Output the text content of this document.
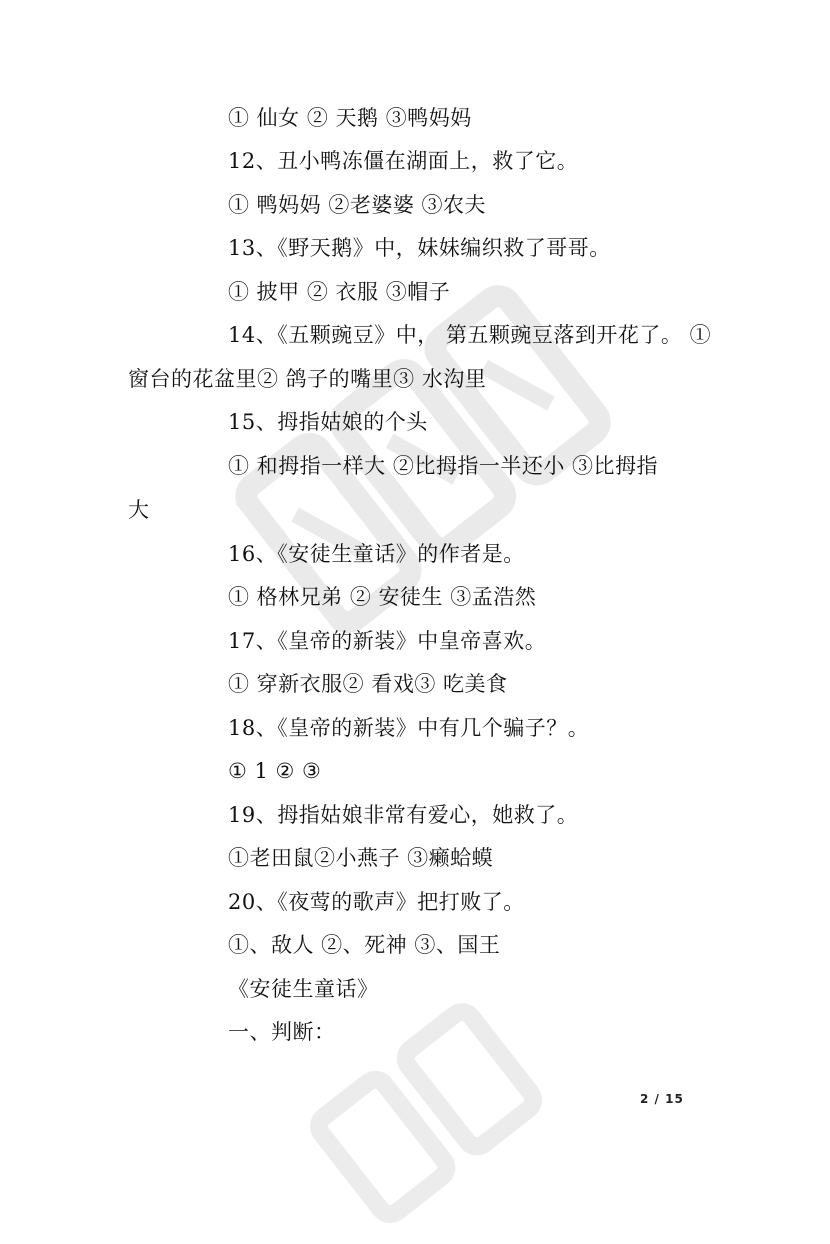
① 仙女 ② 天鹅 ③鸭妈妈
12、丑小鸭冻僵在湖面上，救了它。
① 鸭妈妈 ②老婆婆 ③农夫
13、《野天鹅》中，妹妹编织救了哥哥。
① 披甲 ② 衣服 ③帽子
14、《五颗豌豆》中， 第五颗豌豆落到开花了。 ①
窗台的花盆里② 鸽子的嘴里③ 水沟里
15、拇指姑娘的个头
① 和拇指一样大 ②比拇指一半还小 ③比拇指
大
16、《安徒生童话》的作者是。
① 格林兄弟 ② 安徒生 ③孟浩然
17、《皇帝的新装》中皇帝喜欢。
① 穿新衣服② 看戏③ 吃美食
18、《皇帝的新装》中有几个骗子？。
① 1 ② ③
19、拇指姑娘非常有爱心，她救了。
①老田鼠②小燕子 ③癞蛤蟆
20、《夜莺的歌声》把打败了。
①、敌人 ②、死神 ③、国王
《安徒生童话》
一、判断：
2 / 15
